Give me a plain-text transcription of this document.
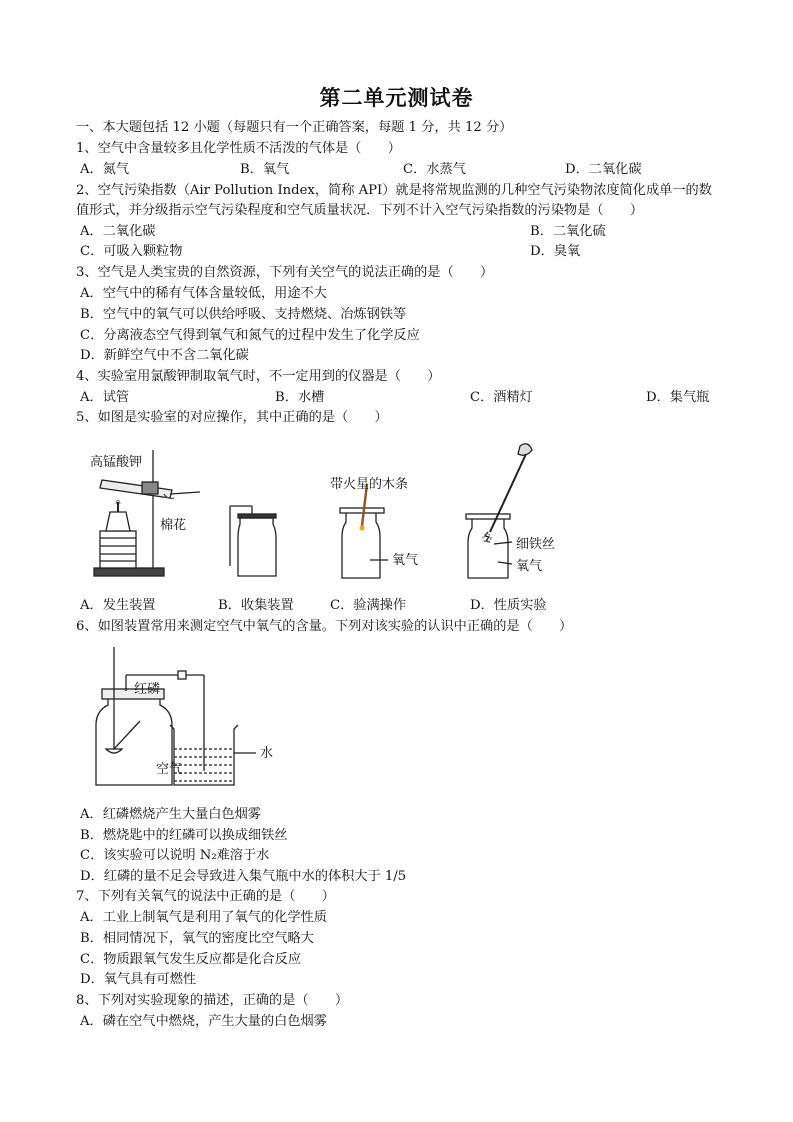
第二单元测试卷
一、本大题包括 12 小题（每题只有一个正确答案，每题 1 分，共 12 分）
1、空气中含量较多且化学性质不活泼的气体是（　　）
A．氮气	B．氧气	C．水蒸气	D．二氧化碳
2、空气污染指数（Air Pollution Index，简称 API）就是将常规监测的几种空气污染物浓度简化成单一的数
值形式，并分级指示空气污染程度和空气质量状况．下列不计入空气污染指数的污染物是（　　）
A．二氧化碳	B．二氧化硫
C．可吸入颗粒物	D．臭氧
3、空气是人类宝贵的自然资源，下列有关空气的说法正确的是（　　）
A．空气中的稀有气体含量较低，用途不大
B．空气中的氧气可以供给呼吸、支持燃烧、冶炼钢铁等
C．分离液态空气得到氧气和氮气的过程中发生了化学反应
D．新鲜空气中不含二氧化碳
4、实验室用氯酸钾制取氧气时，不一定用到的仪器是（　　）
A．试管	B．水槽	C．酒精灯	D．集气瓶
5、如图是实验室的对应操作，其中正确的是（　　）
高锰酸钾
棉花
带火星的木条
氧气
细铁丝
氧气
A．发生装置	B．收集装置	C．验满操作	D．性质实验
6、如图装置常用来测定空气中氧气的含量。下列对该实验的认识中正确的是（　　）
红磷
空气
水
A．红磷燃烧产生大量白色烟雾
B．燃烧匙中的红磷可以换成细铁丝
C．该实验可以说明 N₂难溶于水
D．红磷的量不足会导致进入集气瓶中水的体积大于 1/5
7、下列有关氧气的说法中正确的是（　　）
A．工业上制氧气是利用了氧气的化学性质
B．相同情况下，氧气的密度比空气略大
C．物质跟氧气发生反应都是化合反应
D．氧气具有可燃性
8、下列对实验现象的描述，正确的是（　　）
A．磷在空气中燃烧，产生大量的白色烟雾
